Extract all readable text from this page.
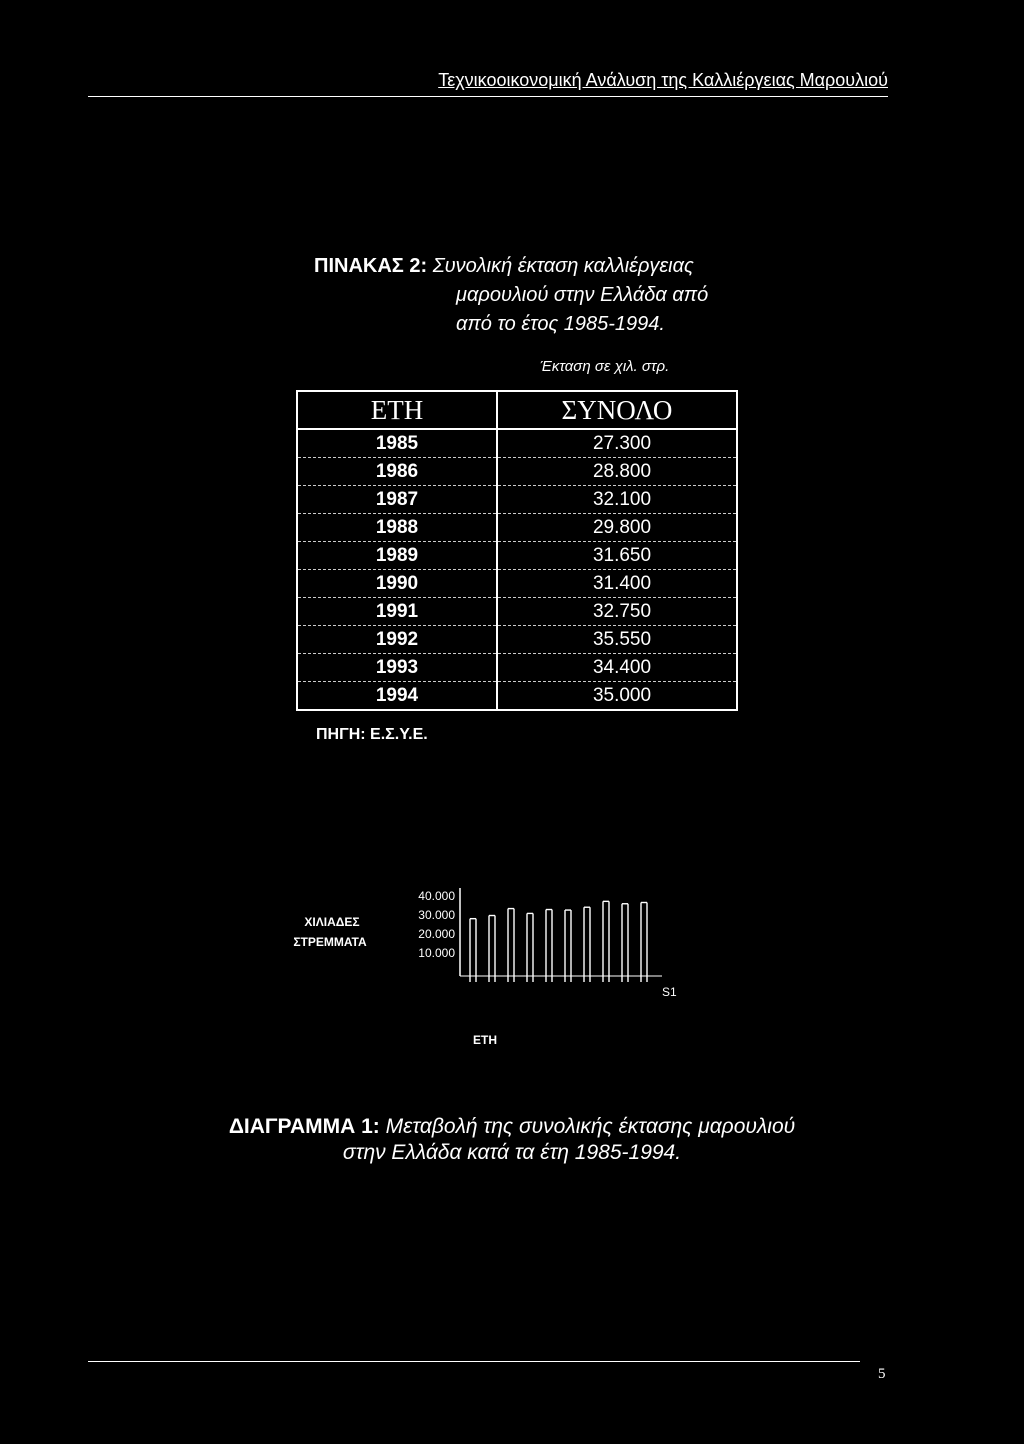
Τεχνικοοικονομική Ανάλυση της Καλλιέργειας Μαρουλιού
ΠΙΝΑΚΑΣ 2: Συνολική έκταση καλλιέργειας
μαρουλιού στην Ελλάδα από
από το έτος 1985-1994.
Έκταση σε χιλ. στρ.
ΕΤΗ	ΣΥΝΟΛΟ
1985	27.300
1986	28.800
1987	32.100
1988	29.800
1989	31.650
1990	31.400
1991	32.750
1992	35.550
1993	34.400
1994	35.000
ΠΗΓΗ: Ε.Σ.Υ.Ε.
ΧΙΛΙΑΔΕΣ
ΣΤΡΕΜΜΑΤΑ
40.000
30.000
20.000
10.000
S1
ΕΤΗ
ΔΙΑΓΡΑΜΜΑ 1: Μεταβολή της συνολικής έκτασης μαρουλιού
στην Ελλάδα κατά τα έτη 1985-1994.
5
